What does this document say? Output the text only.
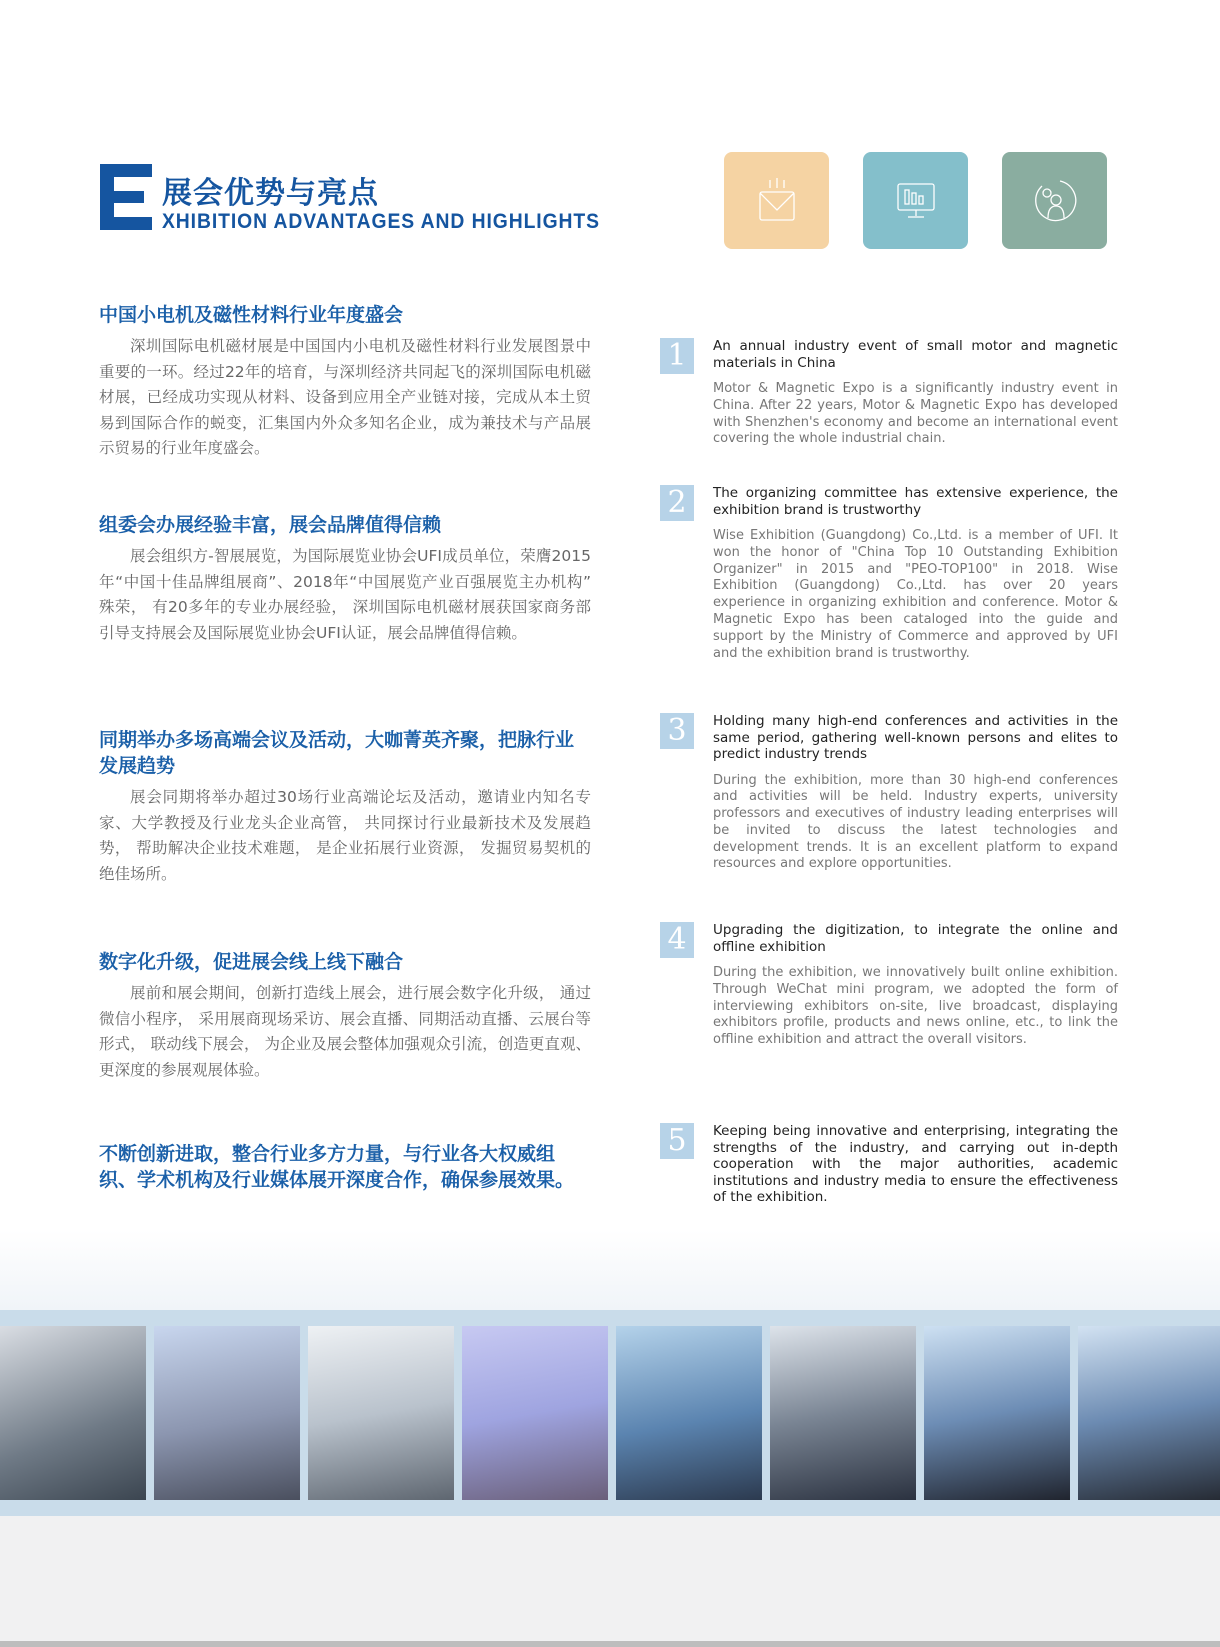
展会优势与亮点
XHIBITION ADVANTAGES AND HIGHLIGHTS
中国小电机及磁性材料行业年度盛会

深圳国际电机磁材展是中国国内小电机及磁性材料行业发展图景中重要的一环。经过22年的培育，与深圳经济共同起飞的深圳国际电机磁材展，已经成功实现从材料、设备到应用全产业链对接，完成从本土贸易到国际合作的蜕变，汇集国内外众多知名企业，成为兼技术与产品展示贸易的行业年度盛会。

组委会办展经验丰富，展会品牌值得信赖

展会组织方-智展展览，为国际展览业协会UFI成员单位，荣膺2015年“中国十佳品牌组展商”、2018年“中国展览产业百强展览主办机构” 殊荣， 有20多年的专业办展经验， 深圳国际电机磁材展获国家商务部引导支持展会及国际展览业协会UFI认证，展会品牌值得信赖。

同期举办多场高端会议及活动，大咖菁英齐聚，把脉行业发展趋势

展会同期将举办超过30场行业高端论坛及活动，邀请业内知名专家、大学教授及行业龙头企业高管， 共同探讨行业最新技术及发展趋势， 帮助解决企业技术难题， 是企业拓展行业资源， 发掘贸易契机的绝佳场所。

数字化升级，促进展会线上线下融合

展前和展会期间，创新打造线上展会，进行展会数字化升级， 通过微信小程序， 采用展商现场采访、展会直播、同期活动直播、云展台等形式， 联动线下展会， 为企业及展会整体加强观众引流，创造更直观、更深度的参展观展体验。

不断创新进取，整合行业多方力量，与行业各大权威组织、学术机构及行业媒体展开深度合作，确保参展效果。
1	An annual industry event of small motor and magnetic materials in China
Motor & Magnetic Expo is a significantly industry event in China. After 22 years, Motor & Magnetic Expo has developed with Shenzhen's economy and become an international event covering the whole industrial chain.
2	The organizing committee has extensive experience, the exhibition brand is trustworthy
Wise Exhibition (Guangdong) Co.,Ltd. is a member of UFI. It won the honor of "China Top 10 Outstanding Exhibition Organizer" in 2015 and "PEO-TOP100" in 2018. Wise Exhibition (Guangdong) Co.,Ltd. has over 20 years experience in organizing exhibition and conference. Motor & Magnetic Expo has been cataloged into the guide and support by the Ministry of Commerce and approved by UFI and the exhibition brand is trustworthy.
3	Holding many high-end conferences and activities in the same period, gathering well-known persons and elites to predict industry trends
During the exhibition, more than 30 high-end conferences and activities will be held. Industry experts, university professors and executives of industry leading enterprises will be invited to discuss the latest technologies and development trends. It is an excellent platform to expand resources and explore opportunities.
4	Upgrading the digitization, to integrate the online and offline exhibition
During the exhibition, we innovatively built online exhibition. Through WeChat mini program, we adopted the form of interviewing exhibitors on-site, live broadcast, displaying exhibitors profile, products and news online, etc., to link the offline exhibition and attract the overall visitors.
5	Keeping being innovative and enterprising, integrating the strengths of the industry, and carrying out in-depth cooperation with the major authorities, academic institutions and industry media to ensure the effectiveness of the exhibition.
